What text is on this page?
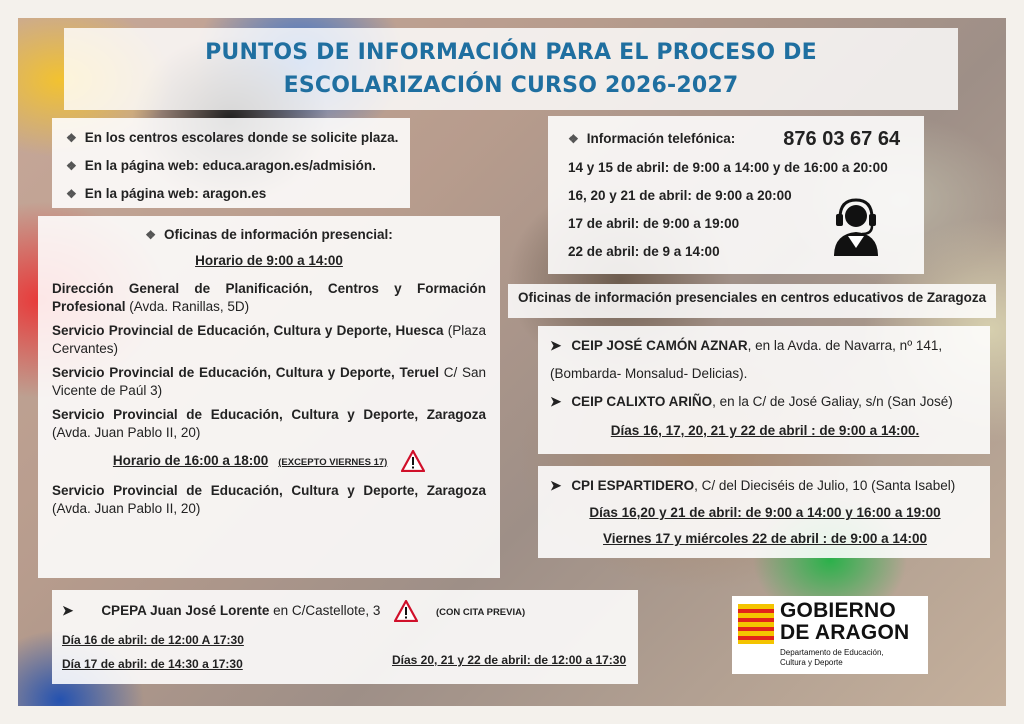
PUNTOS DE INFORMACIÓN PARA EL PROCESO DE
ESCOLARIZACIÓN CURSO 2026-2027
❖ En los centros escolares donde se solicite plaza.
❖ En la página web: educa.aragon.es/admisión.
❖ En la página web: aragon.es
❖ Información telefónica: 876 03 67 64
14 y 15 de abril: de 9:00 a 14:00 y de 16:00 a 20:00
16, 20 y 21 de abril: de 9:00 a 20:00
17 de abril: de 9:00 a 19:00
22 de abril: de 9 a 14:00
❖ Oficinas de información presencial:
Horario de 9:00 a 14:00
Dirección General de Planificación, Centros y Formación Profesional (Avda. Ranillas, 5D)
Servicio Provincial de Educación, Cultura y Deporte, Huesca (Plaza Cervantes)
Servicio Provincial de Educación, Cultura y Deporte, Teruel C/ San Vicente de Paúl 3)
Servicio Provincial de Educación, Cultura y Deporte, Zaragoza (Avda. Juan Pablo II, 20)
Horario de 16:00 a 18:00 (EXCEPTO VIERNES 17)
Servicio Provincial de Educación, Cultura y Deporte, Zaragoza (Avda. Juan Pablo II, 20)
Oficinas de información presenciales en centros educativos de Zaragoza
➤ CEIP JOSÉ CAMÓN AZNAR, en la Avda. de Navarra, nº 141,
(Bombarda- Monsalud- Delicias).
➤ CEIP CALIXTO ARIÑO, en la C/ de José Galiay, s/n (San José)
Días 16, 17, 20, 21 y 22 de abril : de 9:00 a 14:00.
➤ CPI ESPARTIDERO, C/ del Dieciséis de Julio, 10 (Santa Isabel)
Días 16,20 y 21 de abril: de 9:00 a 14:00 y 16:00 a 19:00
Viernes 17 y miércoles 22 de abril : de 9:00 a 14:00
➤ CPEPA Juan José Lorente en C/Castellote, 3	(CON CITA PREVIA)
Día 16 de abril: de 12:00 A 17:30
Día 17 de abril: de 14:30 a 17:30	Días 20, 21 y 22 de abril: de 12:00 a 17:30
GOBIERNO
DE ARAGON
Departamento de Educación,
Cultura y Deporte
